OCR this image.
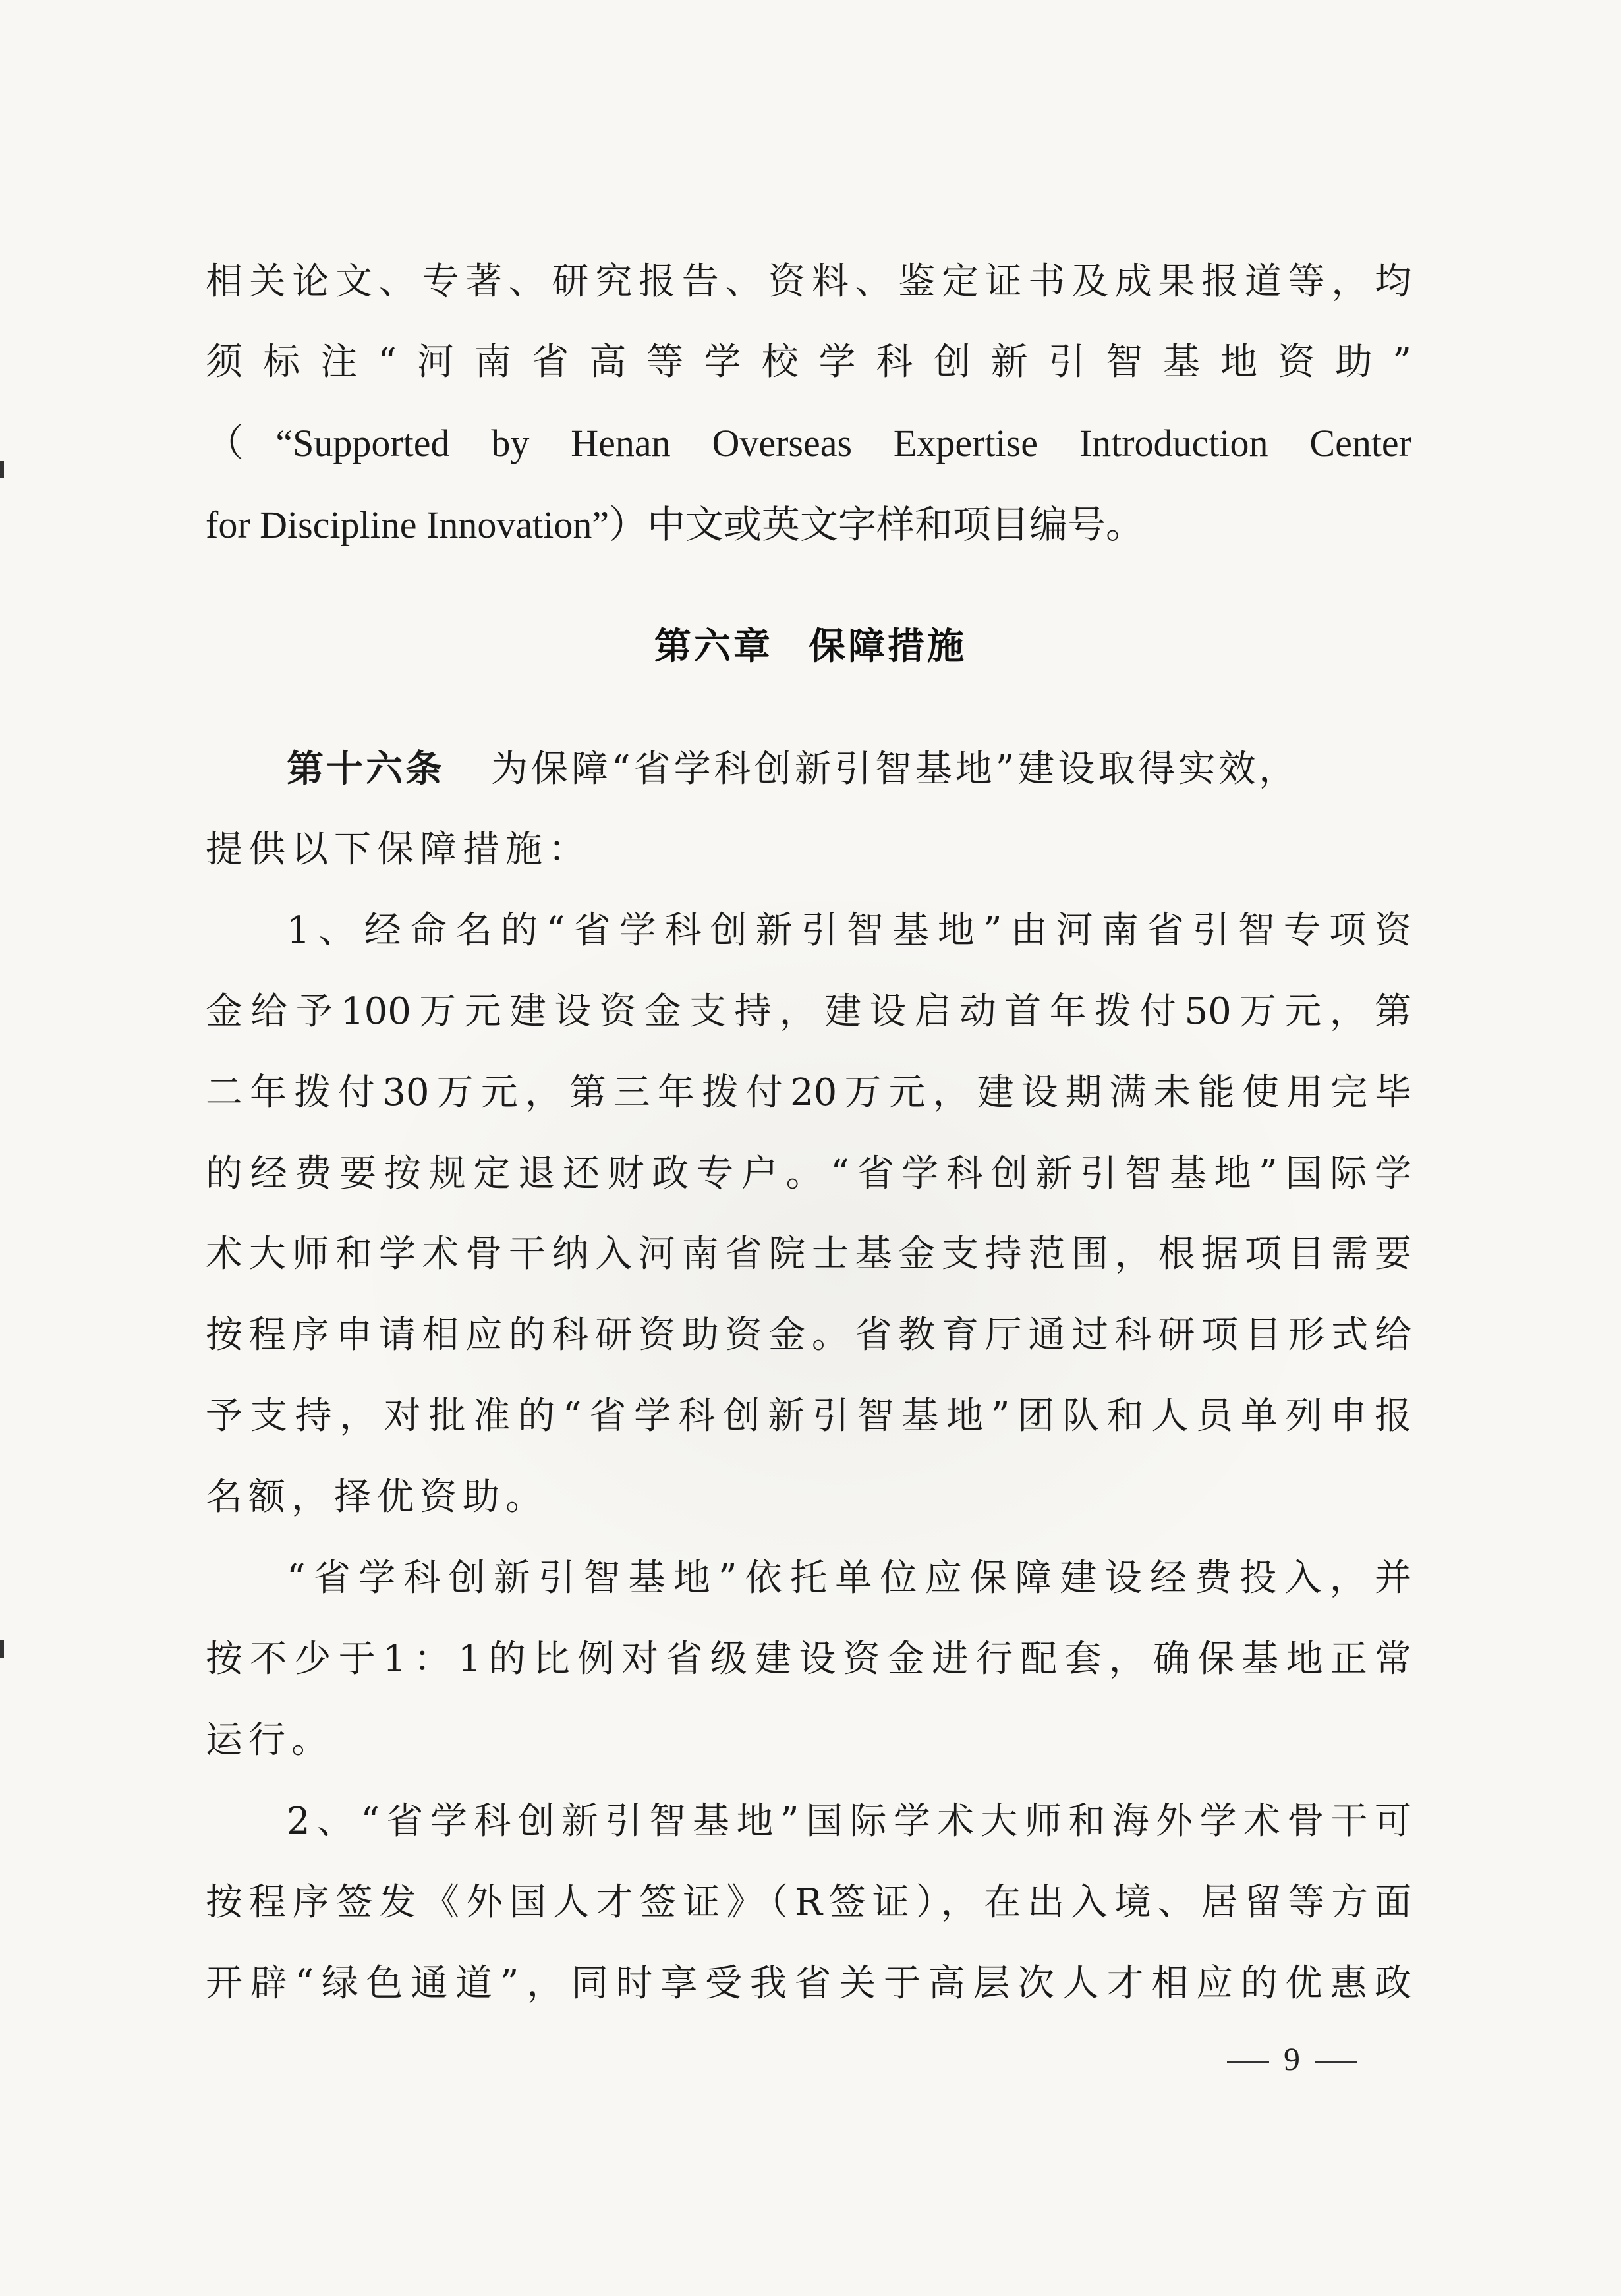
相关论文、专著、研究报告、资料、鉴定证书及成果报道等，均
须标注“河南省高等学校学科创新引智基地资助”
（“Supported by Henan Overseas Expertise Introduction Center
for Discipline Innovation”）中文或英文字样和项目编号。
第六章 保障措施
第十六条 为保障“省学科创新引智基地”建设取得实效，
提供以下保障措施：
1、经命名的“省学科创新引智基地”由河南省引智专项资
金给予100万元建设资金支持，建设启动首年拨付50万元，第
二年拨付30万元，第三年拨付20万元，建设期满未能使用完毕
的经费要按规定退还财政专户。“省学科创新引智基地”国际学
术大师和学术骨干纳入河南省院士基金支持范围，根据项目需要
按程序申请相应的科研资助资金。省教育厅通过科研项目形式给
予支持，对批准的“省学科创新引智基地”团队和人员单列申报
名额，择优资助。
“省学科创新引智基地”依托单位应保障建设经费投入，并
按不少于1：1的比例对省级建设资金进行配套，确保基地正常
运行。
2、“省学科创新引智基地”国际学术大师和海外学术骨干可
按程序签发《外国人才签证》（R签证），在出入境、居留等方面
开辟“绿色通道”，同时享受我省关于高层次人才相应的优惠政
9
